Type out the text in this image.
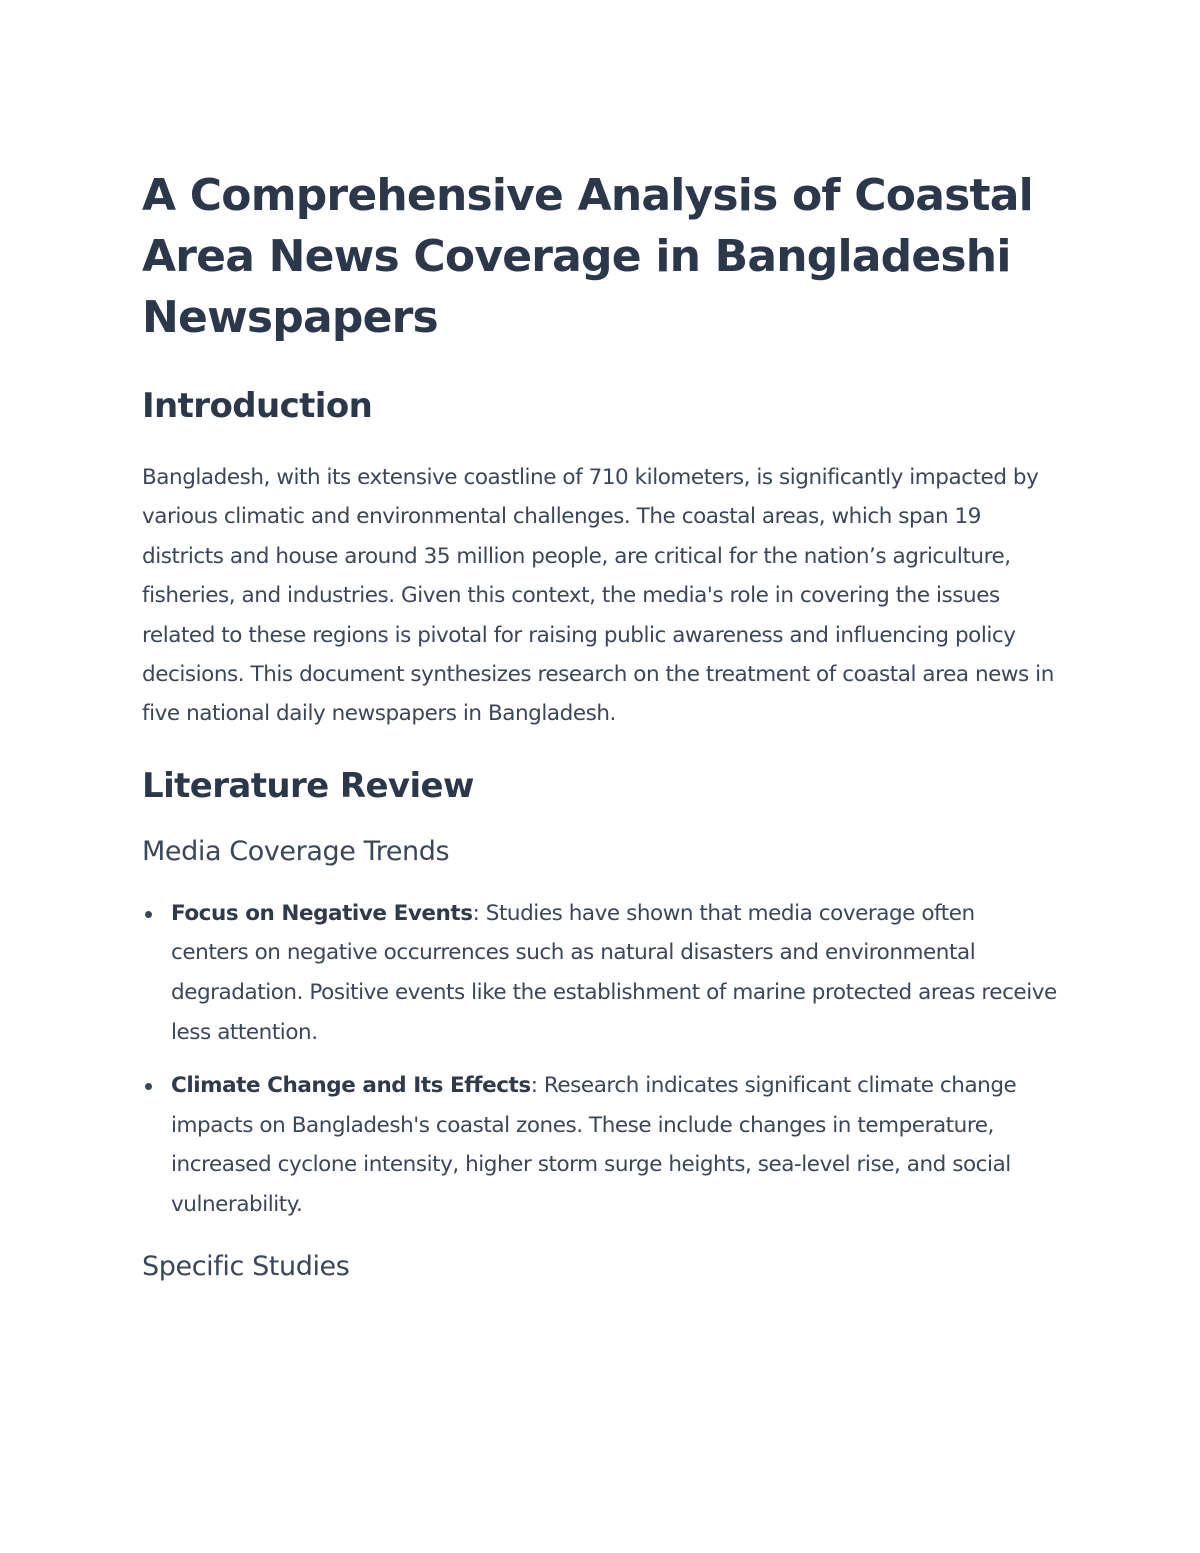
A Comprehensive Analysis of Coastal Area News Coverage in Bangladeshi Newspapers
Introduction

Bangladesh, with its extensive coastline of 710 kilometers, is significantly impacted by various climatic and environmental challenges. The coastal areas, which span 19 districts and house around 35 million people, are critical for the nation’s agriculture, fisheries, and industries. Given this context, the media's role in covering the issues related to these regions is pivotal for raising public awareness and influencing policy decisions. This document synthesizes research on the treatment of coastal area news in five national daily newspapers in Bangladesh.

Literature Review
Media Coverage Trends
Focus on Negative Events: Studies have shown that media coverage often centers on negative occurrences such as natural disasters and environmental degradation. Positive events like the establishment of marine protected areas receive less attention.
Climate Change and Its Effects: Research indicates significant climate change impacts on Bangladesh's coastal zones. These include changes in temperature, increased cyclone intensity, higher storm surge heights, sea-level rise, and social vulnerability.
Specific Studies
